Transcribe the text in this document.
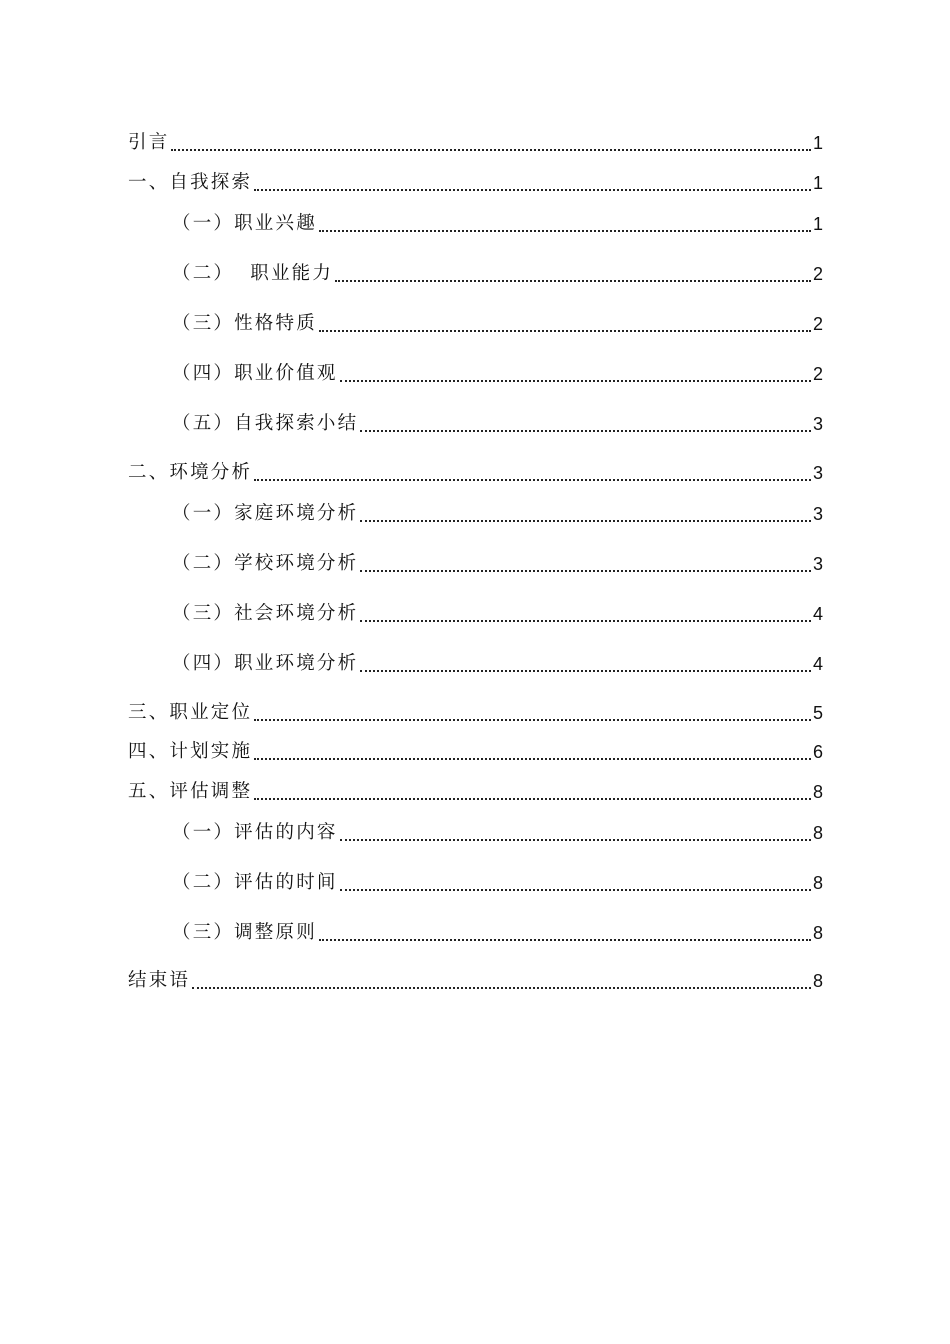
引言	1
一、自我探索	1
（一）职业兴趣	1
（二）  职业能力	2
（三）性格特质	2
（四）职业价值观	2
（五）自我探索小结	3
二、环境分析	3
（一）家庭环境分析	3
（二）学校环境分析	3
（三）社会环境分析	4
（四）职业环境分析	4
三、职业定位	5
四、计划实施	6
五、评估调整	8
（一）评估的内容	8
（二）评估的时间	8
（三）调整原则	8
结束语	8
